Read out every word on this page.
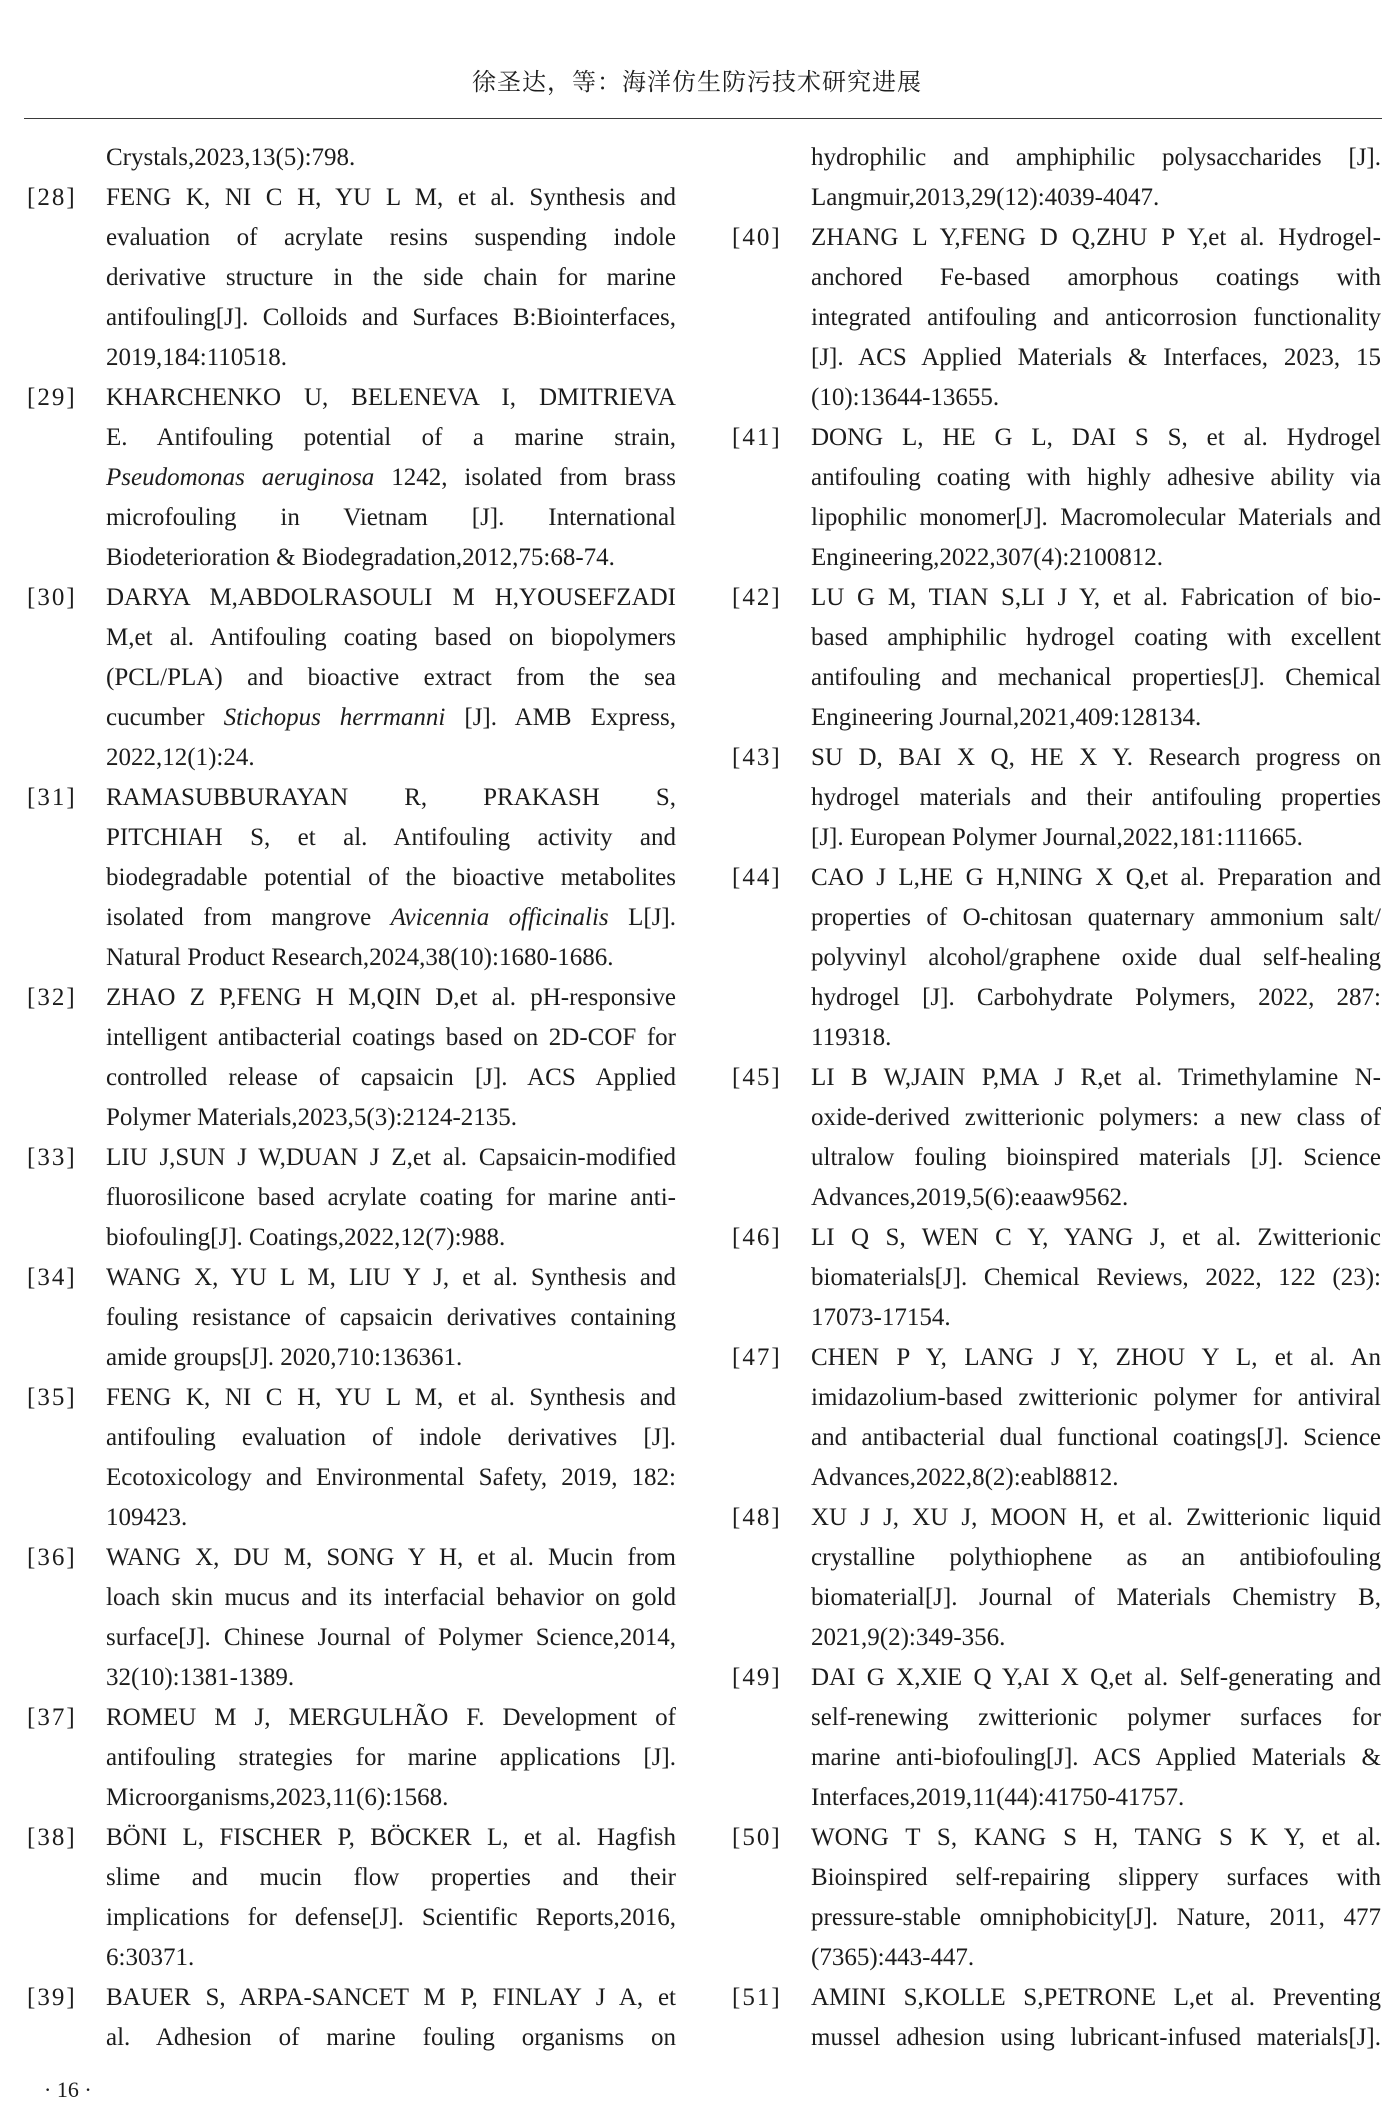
徐圣达，等：海洋仿生防污技术研究进展
Crystals,2023,13(5):798.
[28] FENG K, NI C H, YU L M, et al. Synthesis and
evaluation of acrylate resins suspending indole
derivative structure in the side chain for marine
antifouling[J]. Colloids and Surfaces B:Biointerfaces,
2019,184:110518.
[29] KHARCHENKO U, BELENEVA I, DMITRIEVA
E. Antifouling potential of a marine strain,
Pseudomonas aeruginosa 1242, isolated from brass
microfouling in Vietnam [J]. International
Biodeterioration & Biodegradation,2012,75:68-74.
[30] DARYA M,ABDOLRASOULI M H,YOUSEFZADI
M,et al. Antifouling coating based on biopolymers
(PCL/PLA) and bioactive extract from the sea
cucumber Stichopus herrmanni [J]. AMB Express,
2022,12(1):24.
[31] RAMASUBBURAYAN R, PRAKASH S,
PITCHIAH S, et al. Antifouling activity and
biodegradable potential of the bioactive metabolites
isolated from mangrove Avicennia officinalis L[J].
Natural Product Research,2024,38(10):1680-1686.
[32] ZHAO Z P,FENG H M,QIN D,et al. pH-responsive
intelligent antibacterial coatings based on 2D-COF for
controlled release of capsaicin [J]. ACS Applied
Polymer Materials,2023,5(3):2124-2135.
[33] LIU J,SUN J W,DUAN J Z,et al. Capsaicin-modified
fluorosilicone based acrylate coating for marine anti-
biofouling[J]. Coatings,2022,12(7):988.
[34] WANG X, YU L M, LIU Y J, et al. Synthesis and
fouling resistance of capsaicin derivatives containing
amide groups[J]. 2020,710:136361.
[35] FENG K, NI C H, YU L M, et al. Synthesis and
antifouling evaluation of indole derivatives [J].
Ecotoxicology and Environmental Safety, 2019, 182:
109423.
[36] WANG X, DU M, SONG Y H, et al. Mucin from
loach skin mucus and its interfacial behavior on gold
surface[J]. Chinese Journal of Polymer Science,2014,
32(10):1381-1389.
[37] ROMEU M J, MERGULHÃO F. Development of
antifouling strategies for marine applications [J].
Microorganisms,2023,11(6):1568.
[38] BÖNI L, FISCHER P, BÖCKER L, et al. Hagfish
slime and mucin flow properties and their
implications for defense[J]. Scientific Reports,2016,
6:30371.
[39] BAUER S, ARPA-SANCET M P, FINLAY J A, et
al. Adhesion of marine fouling organisms on
hydrophilic and amphiphilic polysaccharides [J].
Langmuir,2013,29(12):4039-4047.
[40] ZHANG L Y,FENG D Q,ZHU P Y,et al. Hydrogel-
anchored Fe-based amorphous coatings with
integrated antifouling and anticorrosion functionality
[J]. ACS Applied Materials & Interfaces, 2023, 15
(10):13644-13655.
[41] DONG L, HE G L, DAI S S, et al. Hydrogel
antifouling coating with highly adhesive ability via
lipophilic monomer[J]. Macromolecular Materials and
Engineering,2022,307(4):2100812.
[42] LU G M, TIAN S,LI J Y, et al. Fabrication of bio-
based amphiphilic hydrogel coating with excellent
antifouling and mechanical properties[J]. Chemical
Engineering Journal,2021,409:128134.
[43] SU D, BAI X Q, HE X Y. Research progress on
hydrogel materials and their antifouling properties
[J]. European Polymer Journal,2022,181:111665.
[44] CAO J L,HE G H,NING X Q,et al. Preparation and
properties of O-chitosan quaternary ammonium salt/
polyvinyl alcohol/graphene oxide dual self-healing
hydrogel [J]. Carbohydrate Polymers, 2022, 287:
119318.
[45] LI B W,JAIN P,MA J R,et al. Trimethylamine N-
oxide-derived zwitterionic polymers: a new class of
ultralow fouling bioinspired materials [J]. Science
Advances,2019,5(6):eaaw9562.
[46] LI Q S, WEN C Y, YANG J, et al. Zwitterionic
biomaterials[J]. Chemical Reviews, 2022, 122 (23):
17073-17154.
[47] CHEN P Y, LANG J Y, ZHOU Y L, et al. An
imidazolium-based zwitterionic polymer for antiviral
and antibacterial dual functional coatings[J]. Science
Advances,2022,8(2):eabl8812.
[48] XU J J, XU J, MOON H, et al. Zwitterionic liquid
crystalline polythiophene as an antibiofouling
biomaterial[J]. Journal of Materials Chemistry B,
2021,9(2):349-356.
[49] DAI G X,XIE Q Y,AI X Q,et al. Self-generating and
self-renewing zwitterionic polymer surfaces for
marine anti-biofouling[J]. ACS Applied Materials &
Interfaces,2019,11(44):41750-41757.
[50] WONG T S, KANG S H, TANG S K Y, et al.
Bioinspired self-repairing slippery surfaces with
pressure-stable omniphobicity[J]. Nature, 2011, 477
(7365):443-447.
[51] AMINI S,KOLLE S,PETRONE L,et al. Preventing
mussel adhesion using lubricant-infused materials[J].
· 16 ·
